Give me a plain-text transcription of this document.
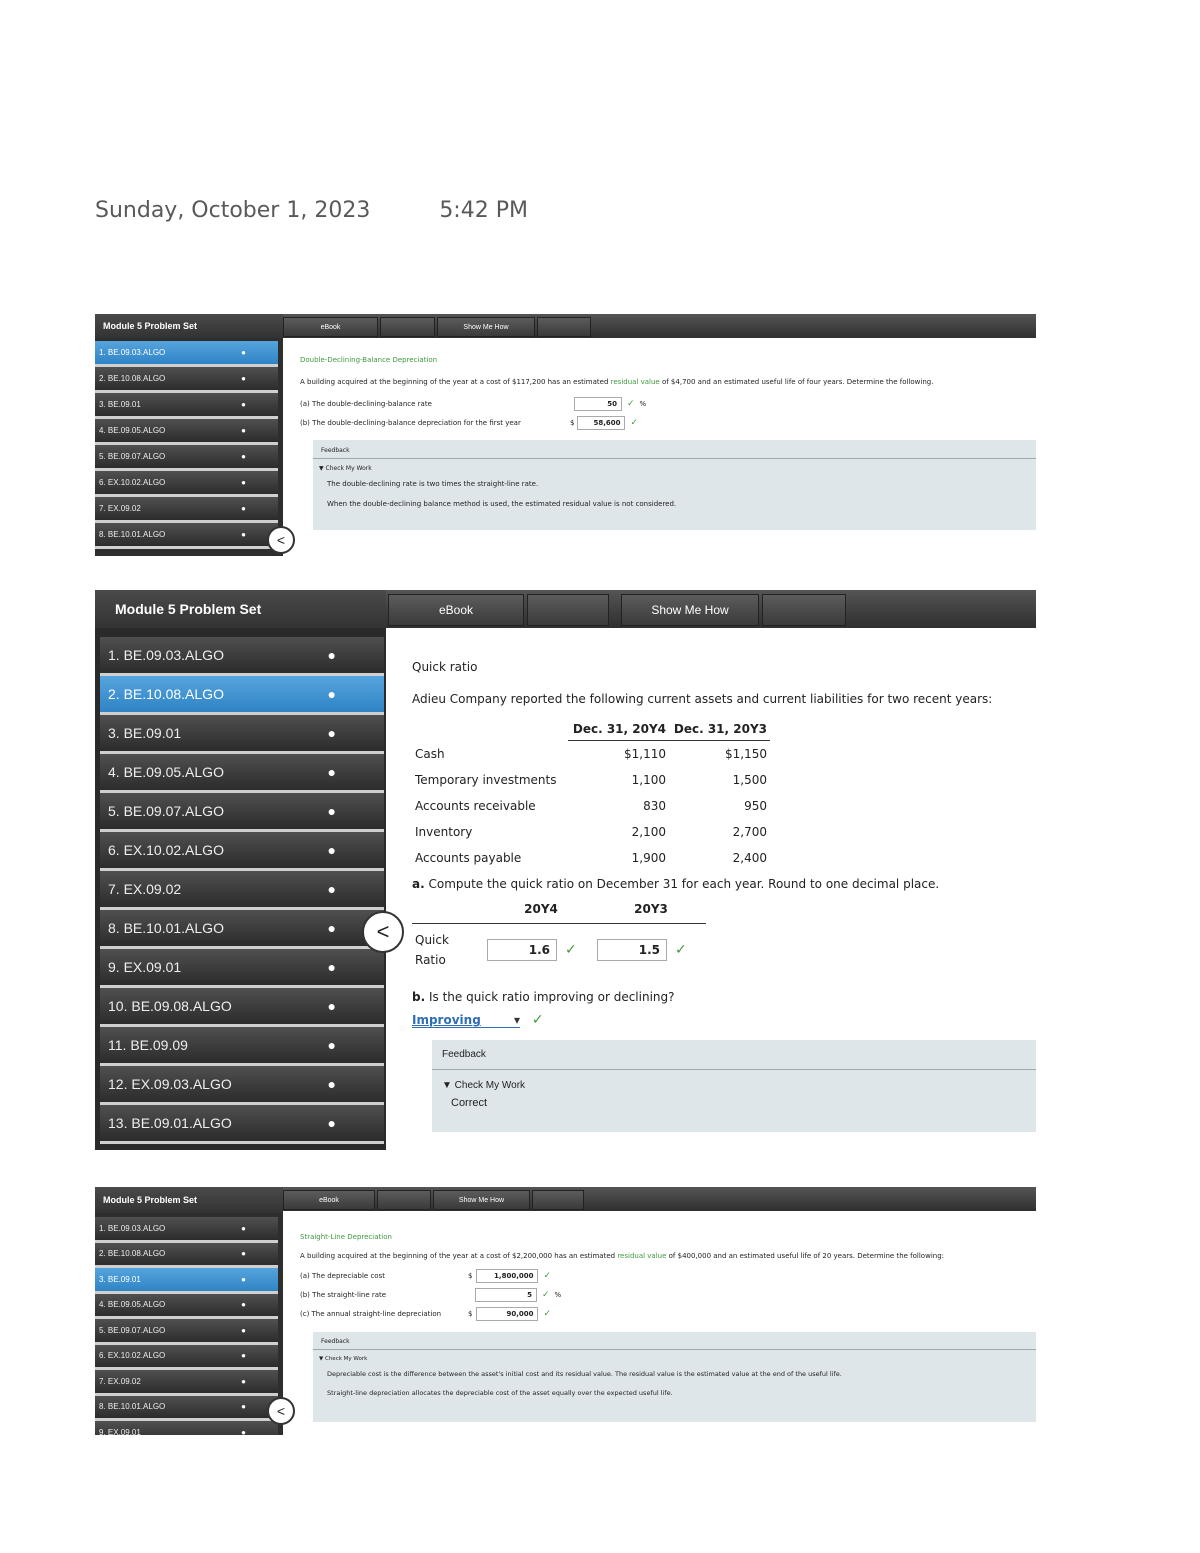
Sunday, October 1, 2023	5:42 PM
Module 5 Problem Set
1. BE.09.03.ALGO	●
2. BE.10.08.ALGO	●
3. BE.09.01	●
4. BE.09.05.ALGO	●
5. BE.09.07.ALGO	●
6. EX.10.02.ALGO	●
7. EX.09.02	●
8. BE.10.01.ALGO	● <
eBook	Show Me How
Double-Declining-Balance Depreciation
A building acquired at the beginning of the year at a cost of $117,200 has an estimated residual value of $4,700 and an estimated useful life of four years. Determine the following.
(a) The double-declining-balance rate	50	✓ %
(b) The double-declining-balance depreciation for the first year	$	58,600	✓
Feedback
▼ Check My Work
The double-declining rate is two times the straight-line rate.
When the double-declining balance method is used, the estimated residual value is not considered.
Module 5 Problem Set
1. BE.09.03.ALGO	●
2. BE.10.08.ALGO	●
3. BE.09.01	●
4. BE.09.05.ALGO	●
5. BE.09.07.ALGO	●
6. EX.10.02.ALGO	●
7. EX.09.02	●
8. BE.10.01.ALGO	●
9. EX.09.01	●
10. BE.09.08.ALGO	●
11. BE.09.09	●
12. EX.09.03.ALGO	●
13. BE.09.01.ALGO	●
<
eBook	Show Me How
Quick ratio
Adieu Company reported the following current assets and current liabilities for two recent years:
	Dec. 31, 20Y4	Dec. 31, 20Y3
Cash	$1,110	$1,150
Temporary investments	1,100	1,500
Accounts receivable	830	950
Inventory	2,100	2,700
Accounts payable	1,900	2,400
a. Compute the quick ratio on December 31 for each year. Round to one decimal place.
	20Y4	20Y3
Quick
Ratio	1.6 ✓	1.5 ✓
b. Is the quick ratio improving or declining?
Improving	▾ ✓
Feedback
▼ Check My Work
Correct
Module 5 Problem Set
1. BE.09.03.ALGO	●
2. BE.10.08.ALGO	●
3. BE.09.01	●
4. BE.09.05.ALGO	●
5. BE.09.07.ALGO	●
6. EX.10.02.ALGO	●
7. EX.09.02	●
8. BE.10.01.ALGO	●
9. EX.09.01	●
<
eBook	Show Me How
Straight-Line Depreciation
A building acquired at the beginning of the year at a cost of $2,200,000 has an estimated residual value of $400,000 and an estimated useful life of 20 years. Determine the following:
(a) The depreciable cost	$	1,800,000	✓
(b) The straight-line rate	5	✓ %
(c) The annual straight-line depreciation	$	90,000	✓
Feedback
▼ Check My Work
Depreciable cost is the difference between the asset's initial cost and its residual value. The residual value is the estimated value at the end of the useful life.
Straight-line depreciation allocates the depreciable cost of the asset equally over the expected useful life.
